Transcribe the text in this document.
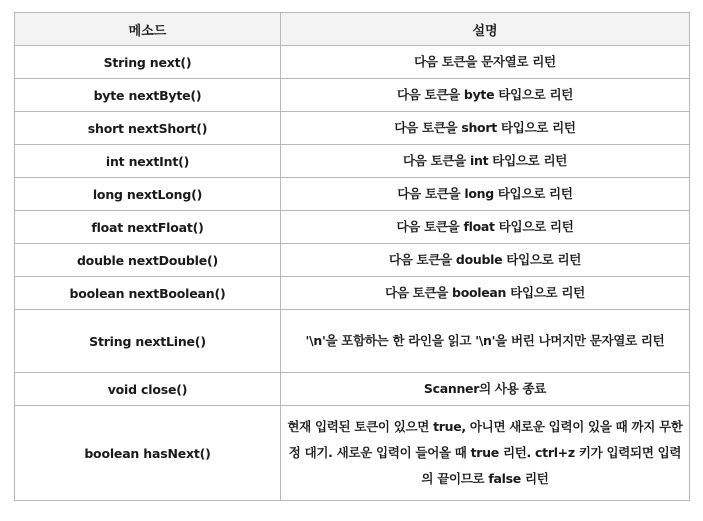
메소드	설명
String next()	다음 토큰을 문자열로 리턴
byte nextByte()	다음 토큰을 byte 타입으로 리턴
short nextShort()	다음 토큰을 short 타입으로 리턴
int nextInt()	다음 토큰을 int 타입으로 리턴
long nextLong()	다음 토큰을 long 타입으로 리턴
float nextFloat()	다음 토큰을 float 타입으로 리턴
double nextDouble()	다음 토큰을 double 타입으로 리턴
boolean nextBoolean()	다음 토큰을 boolean 타입으로 리턴
String nextLine()	'\n'을 포함하는 한 라인을 읽고 '\n'을 버린 나머지만 문자열로 리턴
void close()	Scanner의 사용 종료
boolean hasNext()	현재 입력된 토큰이 있으면 true, 아니면 새로운 입력이 있을 때 까지 무한정 대기. 새로운 입력이 들어올 때 true 리턴. ctrl+z 키가 입력되면 입력의 끝이므로 false 리턴
